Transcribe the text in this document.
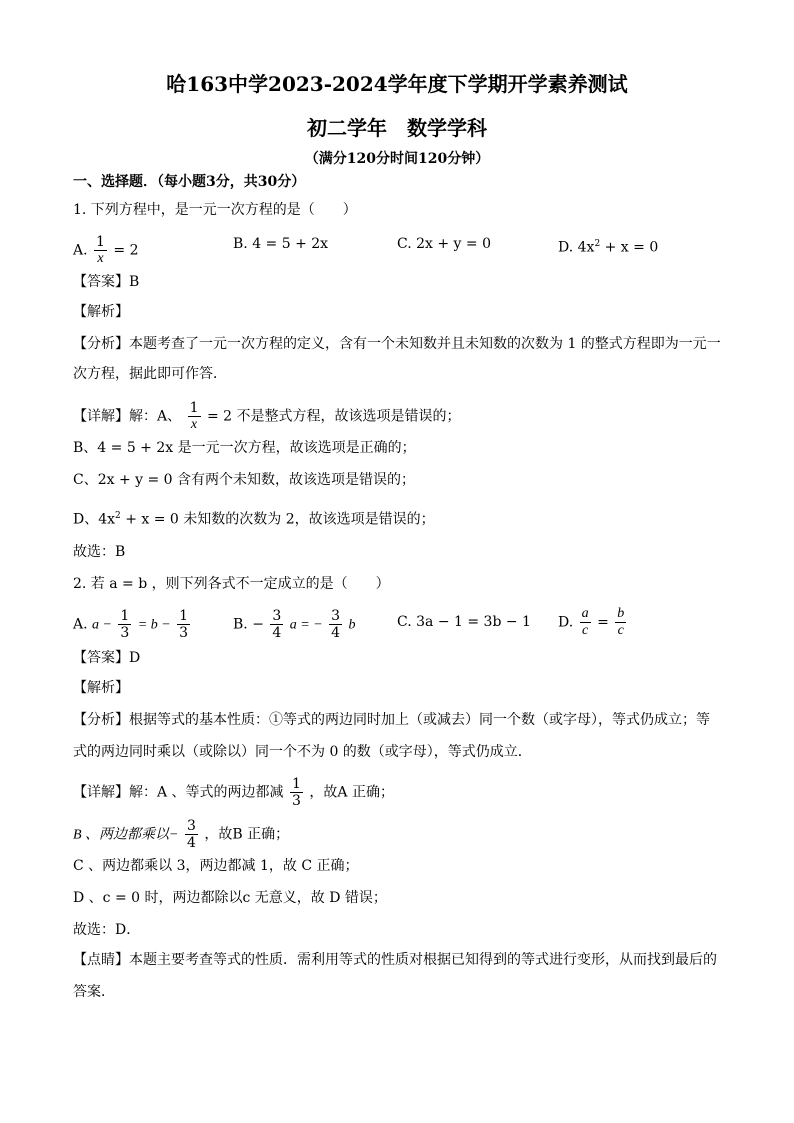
哈163中学2023-2024学年度下学期开学素养测试
初二学年　数学学科
（满分120分时间120分钟）
一、选择题．（每小题3分，共30分）
1. 下列方程中，是一元一次方程的是（　　）
A. $\frac{1}{x} = 2$	B. 4 = 5 + 2x	C. 2x + y = 0	D. $4x^2 + x = 0$
【答案】B
【解析】
【分析】本题考查了一元一次方程的定义，含有一个未知数并且未知数的次数为 1 的整式方程即为一元一
次方程，据此即可作答．
【详解】解：A、 $\frac{1}{x} = 2$ 不是整式方程，故该选项是错误的；
B、4 = 5 + 2x 是一元一次方程，故该选项是正确的；
C、2x + y = 0 含有两个未知数，故该选项是错误的；
D、$4x^2 + x = 0$ 未知数的次数为 2，故该选项是错误的；
故选：B
2. 若 a = b ，则下列各式不一定成立的是（　　）
A. $a - \frac{1}{3} = b - \frac{1}{3}$	B. − $\frac{3}{4}$ a = − $\frac{3}{4}$ b	C. 3a − 1 = 3b − 1 D. $\frac{a}{c} = \frac{b}{c}$
【答案】D
【解析】
【分析】根据等式的基本性质：①等式的两边同时加上（或减去）同一个数（或字母），等式仍成立；等
式的两边同时乘以（或除以）同一个不为 0 的数（或字母），等式仍成立．
【详解】解：A 、等式的两边都减 $\frac{1}{3}$ ，故A 正确；
B 、两边都乘以− $\frac{3}{4}$ ，故B 正确；
C 、两边都乘以 3，两边都减 1，故 C 正确；
D 、c = 0 时，两边都除以c 无意义，故 D 错误；
故选：D．
【点睛】本题主要考查等式的性质．需利用等式的性质对根据已知得到的等式进行变形，从而找到最后的
答案．
